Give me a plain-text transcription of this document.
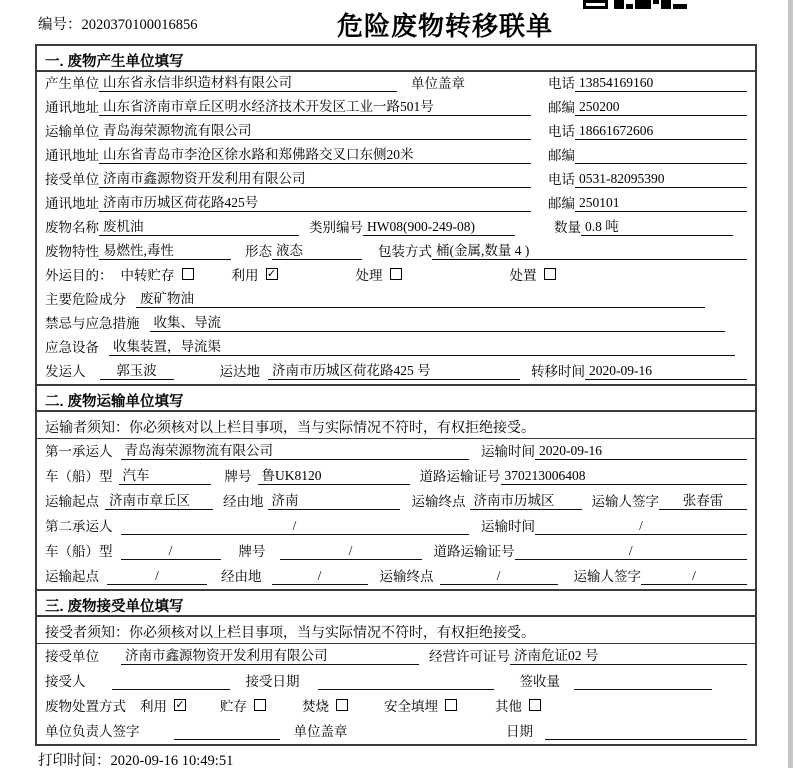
编号：2020370100016856	危险废物转移联单
一. 废物产生单位填写
产生单位 山东省永信非织造材料有限公司	单位盖章	电话 13854169160
通讯地址 山东省济南市章丘区明水经济技术开发区工业一路501号	邮编 250200
运输单位 青岛海荣源物流有限公司	电话 18661672606
通讯地址 山东省青岛市李沧区徐水路和郑佛路交叉口东侧20米	邮编
接受单位 济南市鑫源物资开发利用有限公司	电话 0531-82095390
通讯地址 济南市历城区荷花路425号	邮编 250101
废物名称 废机油	类别编号 HW08(900-249-08)	数量 0.8 吨
废物特性 易燃性,毒性	形态 液态	包装方式 桶(金属,数量 4 )
外运目的： 中转贮存	利用 ✓	处理	处置
主要危险成分 废矿物油
禁忌与应急措施 收集、导流
应急设备 收集装置，导流渠
发运人	郭玉波	运达地 济南市历城区荷花路425 号	转移时间 2020-09-16
二. 废物运输单位填写
运输者须知：你必须核对以上栏目事项，当与实际情况不符时，有权拒绝接受。
第一承运人 青岛海荣源物流有限公司	运输时间 2020-09-16
车（船）型 汽车	牌号 鲁UK8120	道路运输证号 370213006408
运输起点 济南市章丘区	经由地 济南	运输终点 济南市历城区	运输人签字	张春雷
第二承运人	/	运输时间	/
车（船）型	/	牌号	/	道路运输证号	/
运输起点	/	经由地	/	运输终点	/	运输人签字	/
三. 废物接受单位填写
接受者须知：你必须核对以上栏目事项，当与实际情况不符时，有权拒绝接受。
接受单位 济南市鑫源物资开发利用有限公司	经营许可证号 济南危证02 号
接受人	接受日期	签收量
废物处置方式 利用 ✓	贮存	焚烧	安全填埋	其他
单位负责人签字	单位盖章	日期
打印时间：2020-09-16 10:49:51
